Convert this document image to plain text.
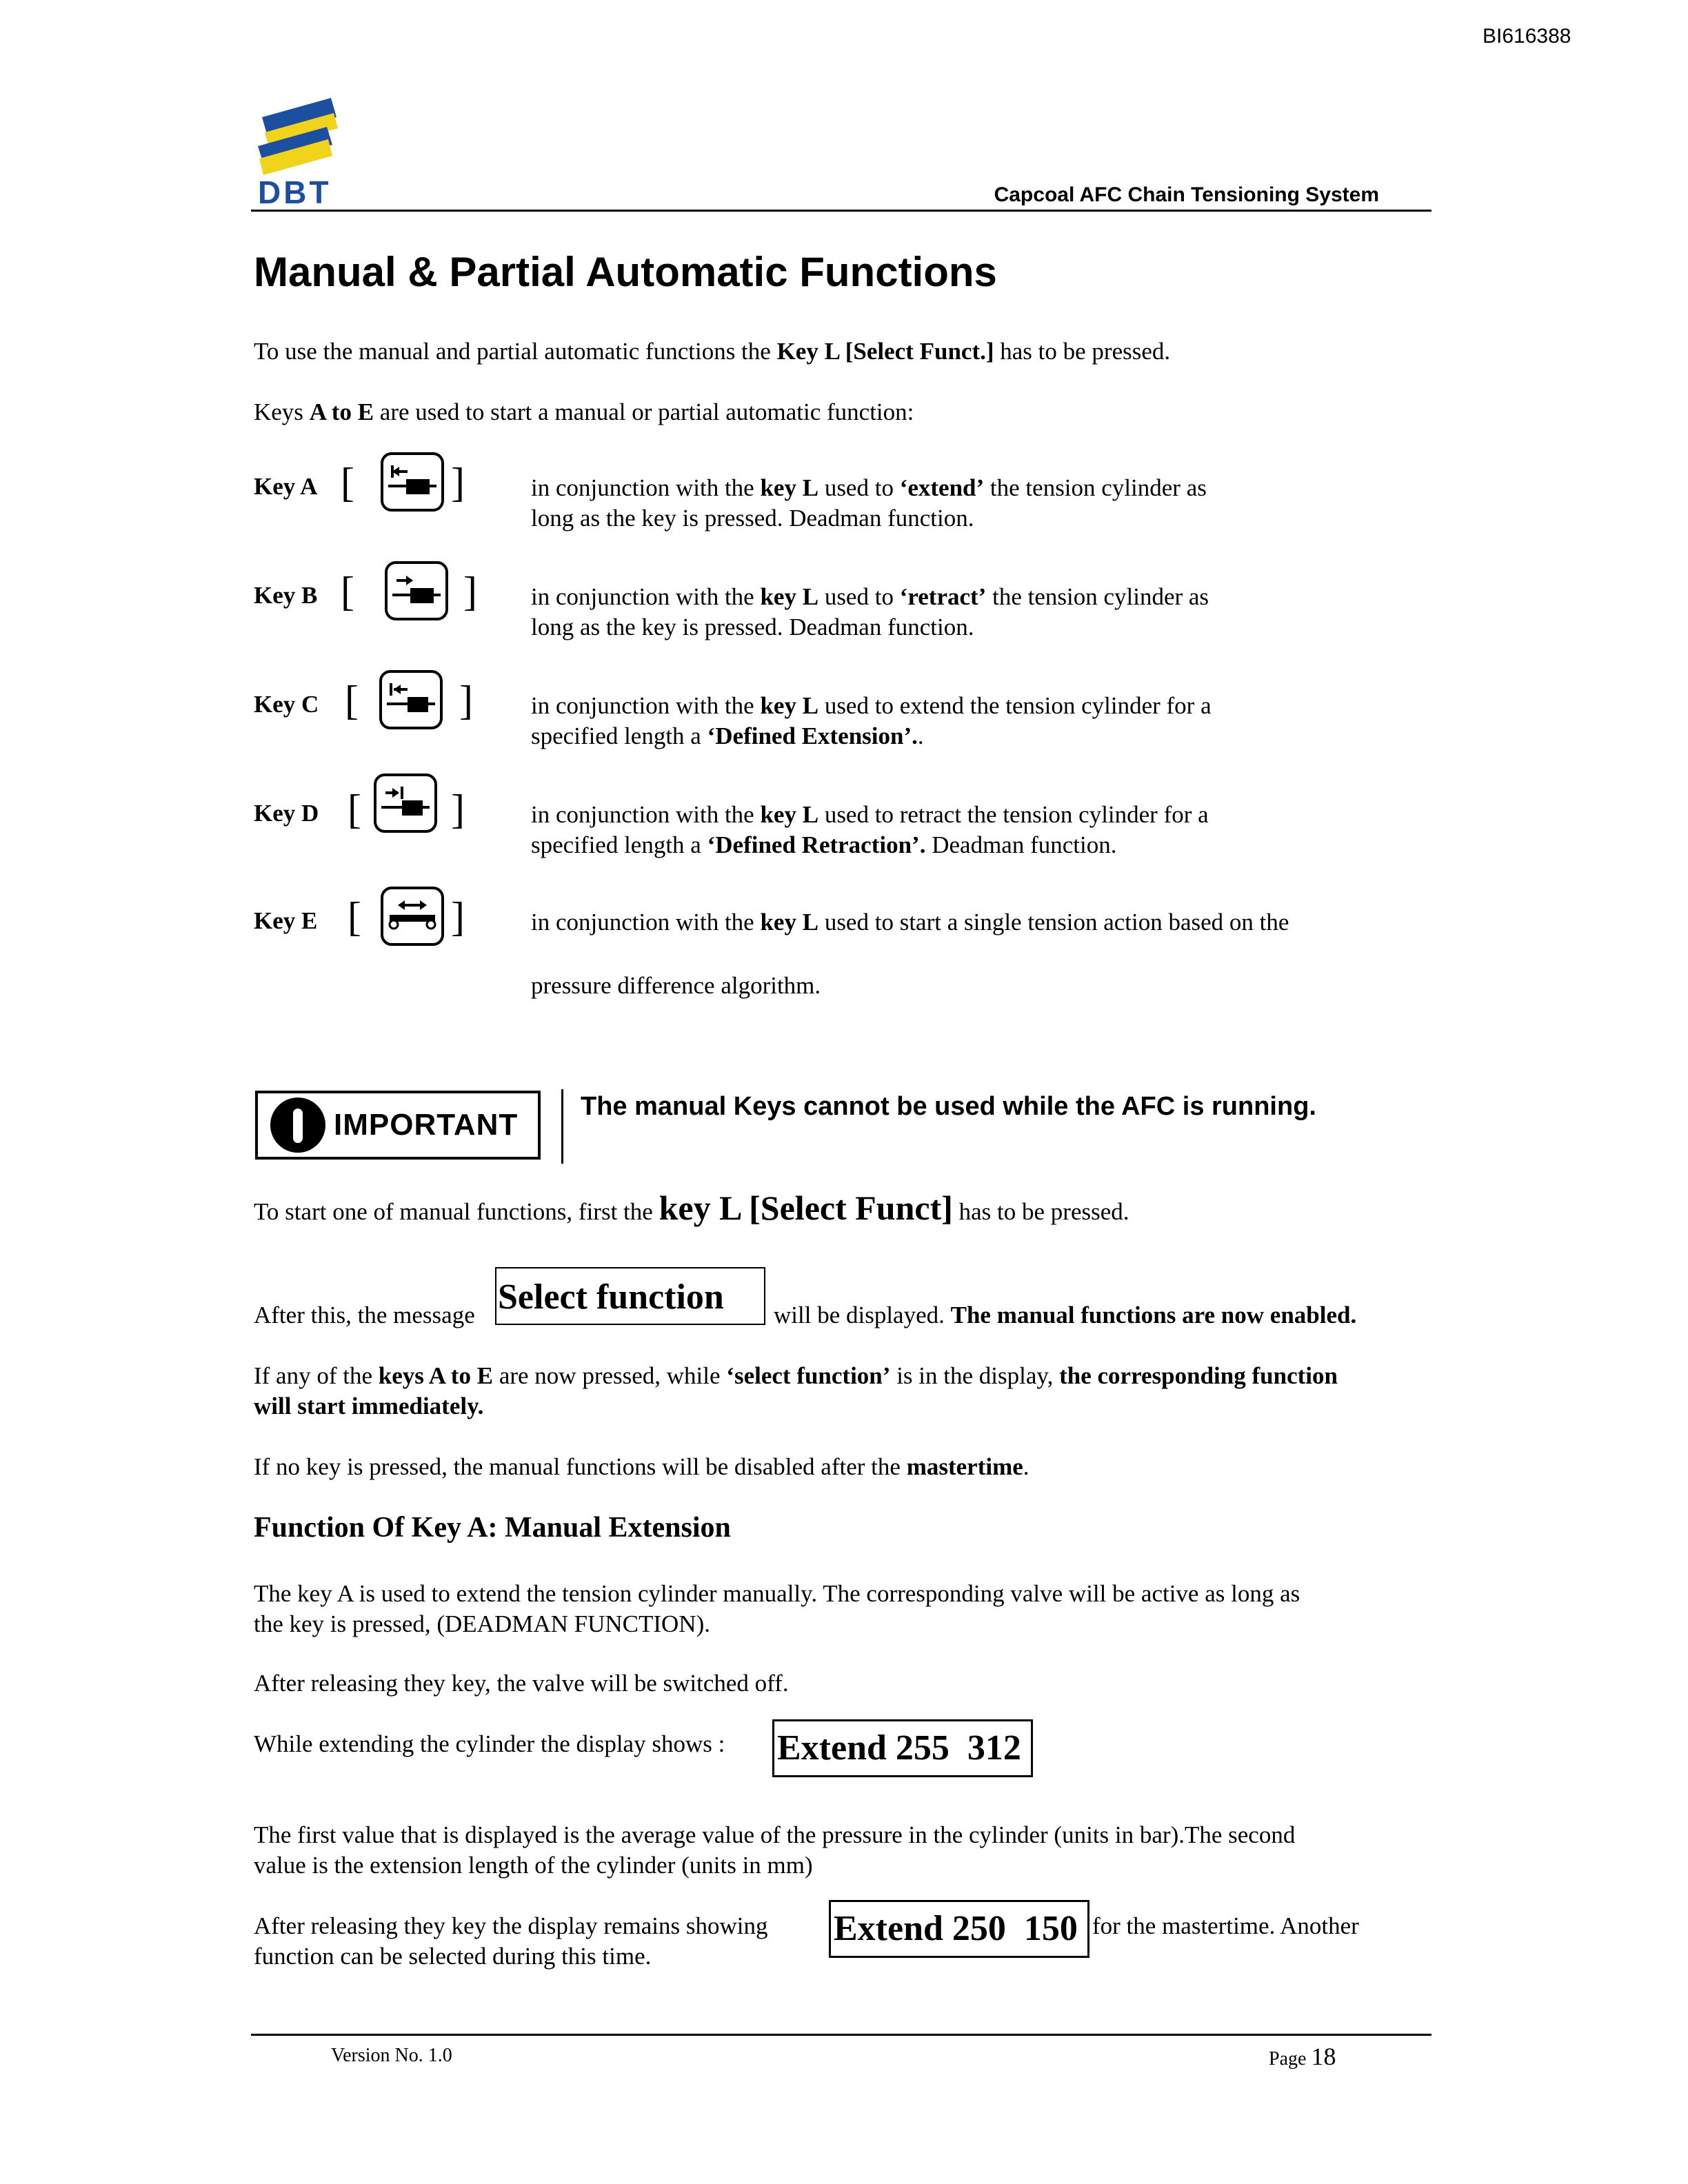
BI616388
DBT	Capcoal AFC Chain Tensioning System
Manual & Partial Automatic Functions
To use the manual and partial automatic functions the Key L [Select Funct.] has to be pressed.
Keys A to E are used to start a manual or partial automatic function:
Key A [ ]	in conjunction with the key L used to ‘extend’ the tension cylinder as
long as the key is pressed. Deadman function.
Key B [	] in conjunction with the key L used to ‘retract’ the tension cylinder as
long as the key is pressed. Deadman function.
Key C [ ] in conjunction with the key L used to extend the tension cylinder for a
specified length a ‘Defined Extension’..
Key D [ ]	in conjunction with the key L used to retract the tension cylinder for a
specified length a ‘Defined Retraction’. Deadman function.
Key E [ ]	in conjunction with the key L used to start a single tension action based on the
pressure difference algorithm.
IMPORTANT
The manual Keys cannot be used while the AFC is running.
To start one of manual functions, first the key L [Select Funct] has to be pressed.
After this, the message Select function	will be displayed. The manual functions are now enabled.
If any of the keys A to E are now pressed, while ‘select function’ is in the display, the corresponding function
will start immediately.
If no key is pressed, the manual functions will be disabled after the mastertime.
Function Of Key A: Manual Extension
The key A is used to extend the tension cylinder manually. The corresponding valve will be active as long as
the key is pressed, (DEADMAN FUNCTION).
After releasing they key, the valve will be switched off.
While extending the cylinder the display shows : Extend 255  312
The first value that is displayed is the average value of the pressure in the cylinder (units in bar).The second
value is the extension length of the cylinder (units in mm)
After releasing they key the display remains showing Extend 250  150 for the mastertime. Another
function can be selected during this time.
Version No. 1.0	Page 18
